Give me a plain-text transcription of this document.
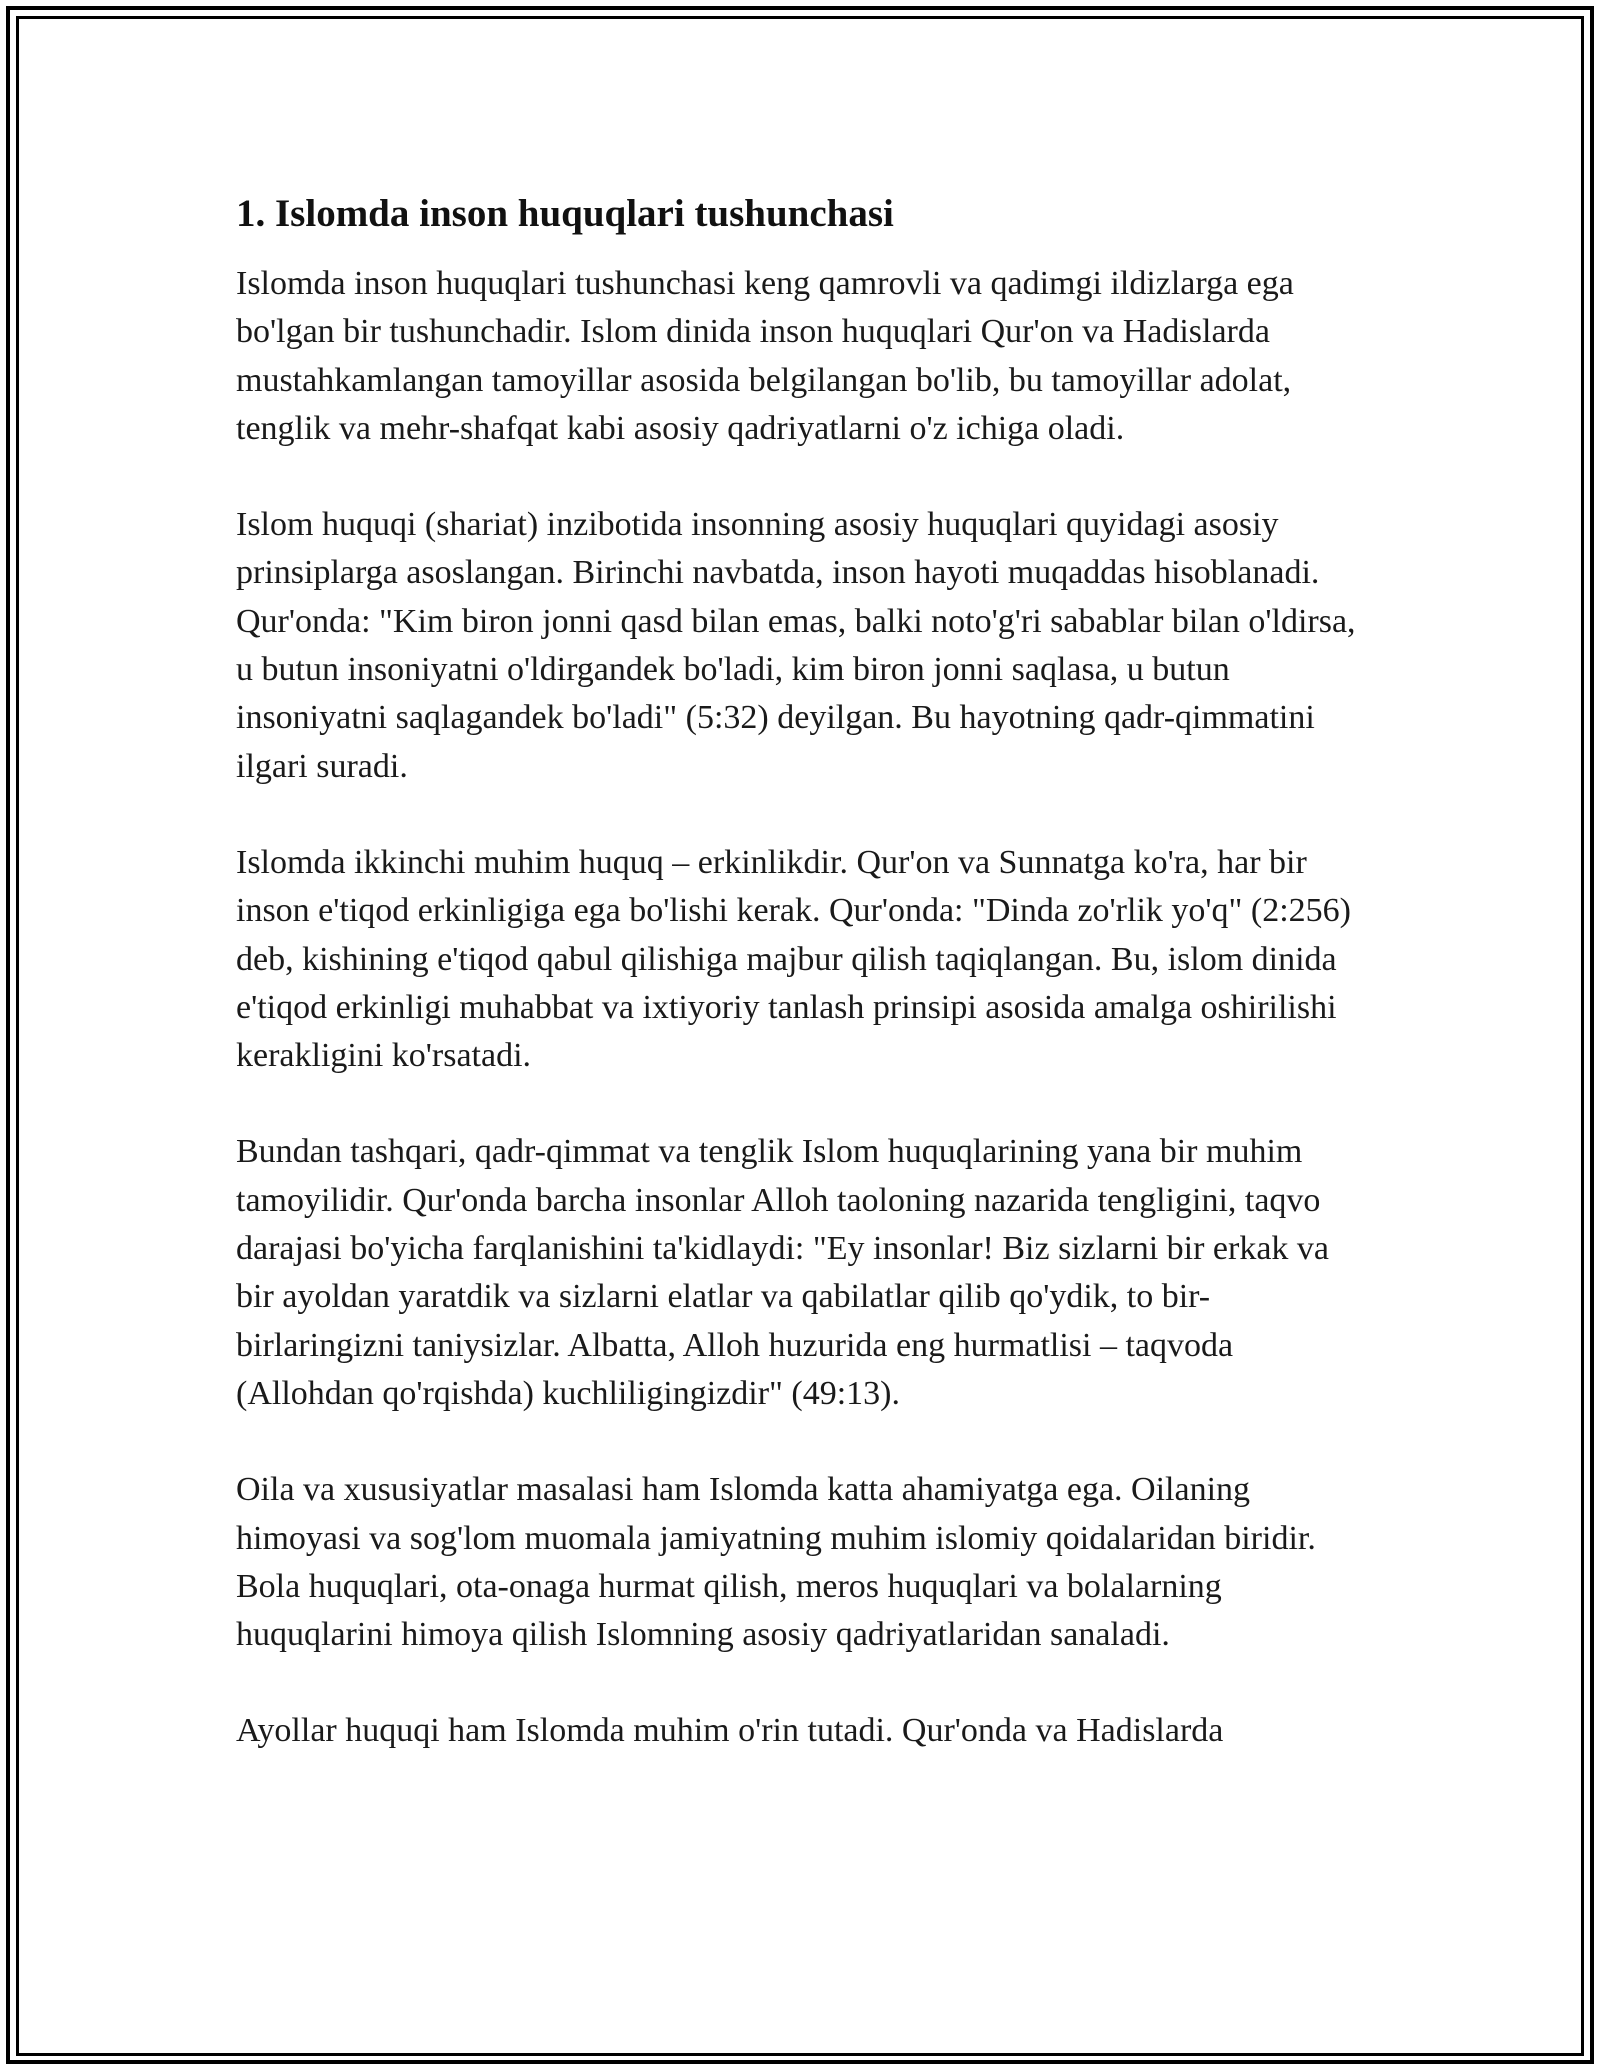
1. Islomda inson huquqlari tushunchasi

Islomda inson huquqlari tushunchasi keng qamrovli va qadimgi ildizlarga ega bo'lgan bir tushunchadir. Islom dinida inson huquqlari Qur'on va Hadislarda mustahkamlangan tamoyillar asosida belgilangan bo'lib, bu tamoyillar adolat, tenglik va mehr-shafqat kabi asosiy qadriyatlarni o'z ichiga oladi.

Islom huquqi (shariat) inzibotida insonning asosiy huquqlari quyidagi asosiy prinsiplarga asoslangan. Birinchi navbatda, inson hayoti muqaddas hisoblanadi. Qur'onda: "Kim biron jonni qasd bilan emas, balki noto'g'ri sabablar bilan o'ldirsa, u butun insoniyatni o'ldirgandek bo'ladi, kim biron jonni saqlasa, u butun insoniyatni saqlagandek bo'ladi" (5:32) deyilgan. Bu hayotning qadr-qimmatini ilgari suradi.

Islomda ikkinchi muhim huquq – erkinlikdir. Qur'on va Sunnatga ko'ra, har bir inson e'tiqod erkinligiga ega bo'lishi kerak. Qur'onda: "Dinda zo'rlik yo'q" (2:256) deb, kishining e'tiqod qabul qilishiga majbur qilish taqiqlangan. Bu, islom dinida e'tiqod erkinligi muhabbat va ixtiyoriy tanlash prinsipi asosida amalga oshirilishi kerakligini ko'rsatadi.

Bundan tashqari, qadr-qimmat va tenglik Islom huquqlarining yana bir muhim tamoyilidir. Qur'onda barcha insonlar Alloh taoloning nazarida tengligini, taqvo darajasi bo'yicha farqlanishini ta'kidlaydi: "Ey insonlar! Biz sizlarni bir erkak va bir ayoldan yaratdik va sizlarni elatlar va qabilatlar qilib qo'ydik, to bir-birlaringizni taniysizlar. Albatta, Alloh huzurida eng hurmatlisi – taqvoda (Allohdan qo'rqishda) kuchliligingizdir" (49:13).

Oila va xususiyatlar masalasi ham Islomda katta ahamiyatga ega. Oilaning himoyasi va sog'lom muomala jamiyatning muhim islomiy qoidalaridan biridir. Bola huquqlari, ota-onaga hurmat qilish, meros huquqlari va bolalarning huquqlarini himoya qilish Islomning asosiy qadriyatlaridan sanaladi.

Ayollar huquqi ham Islomda muhim o'rin tutadi. Qur'onda va Hadislarda
